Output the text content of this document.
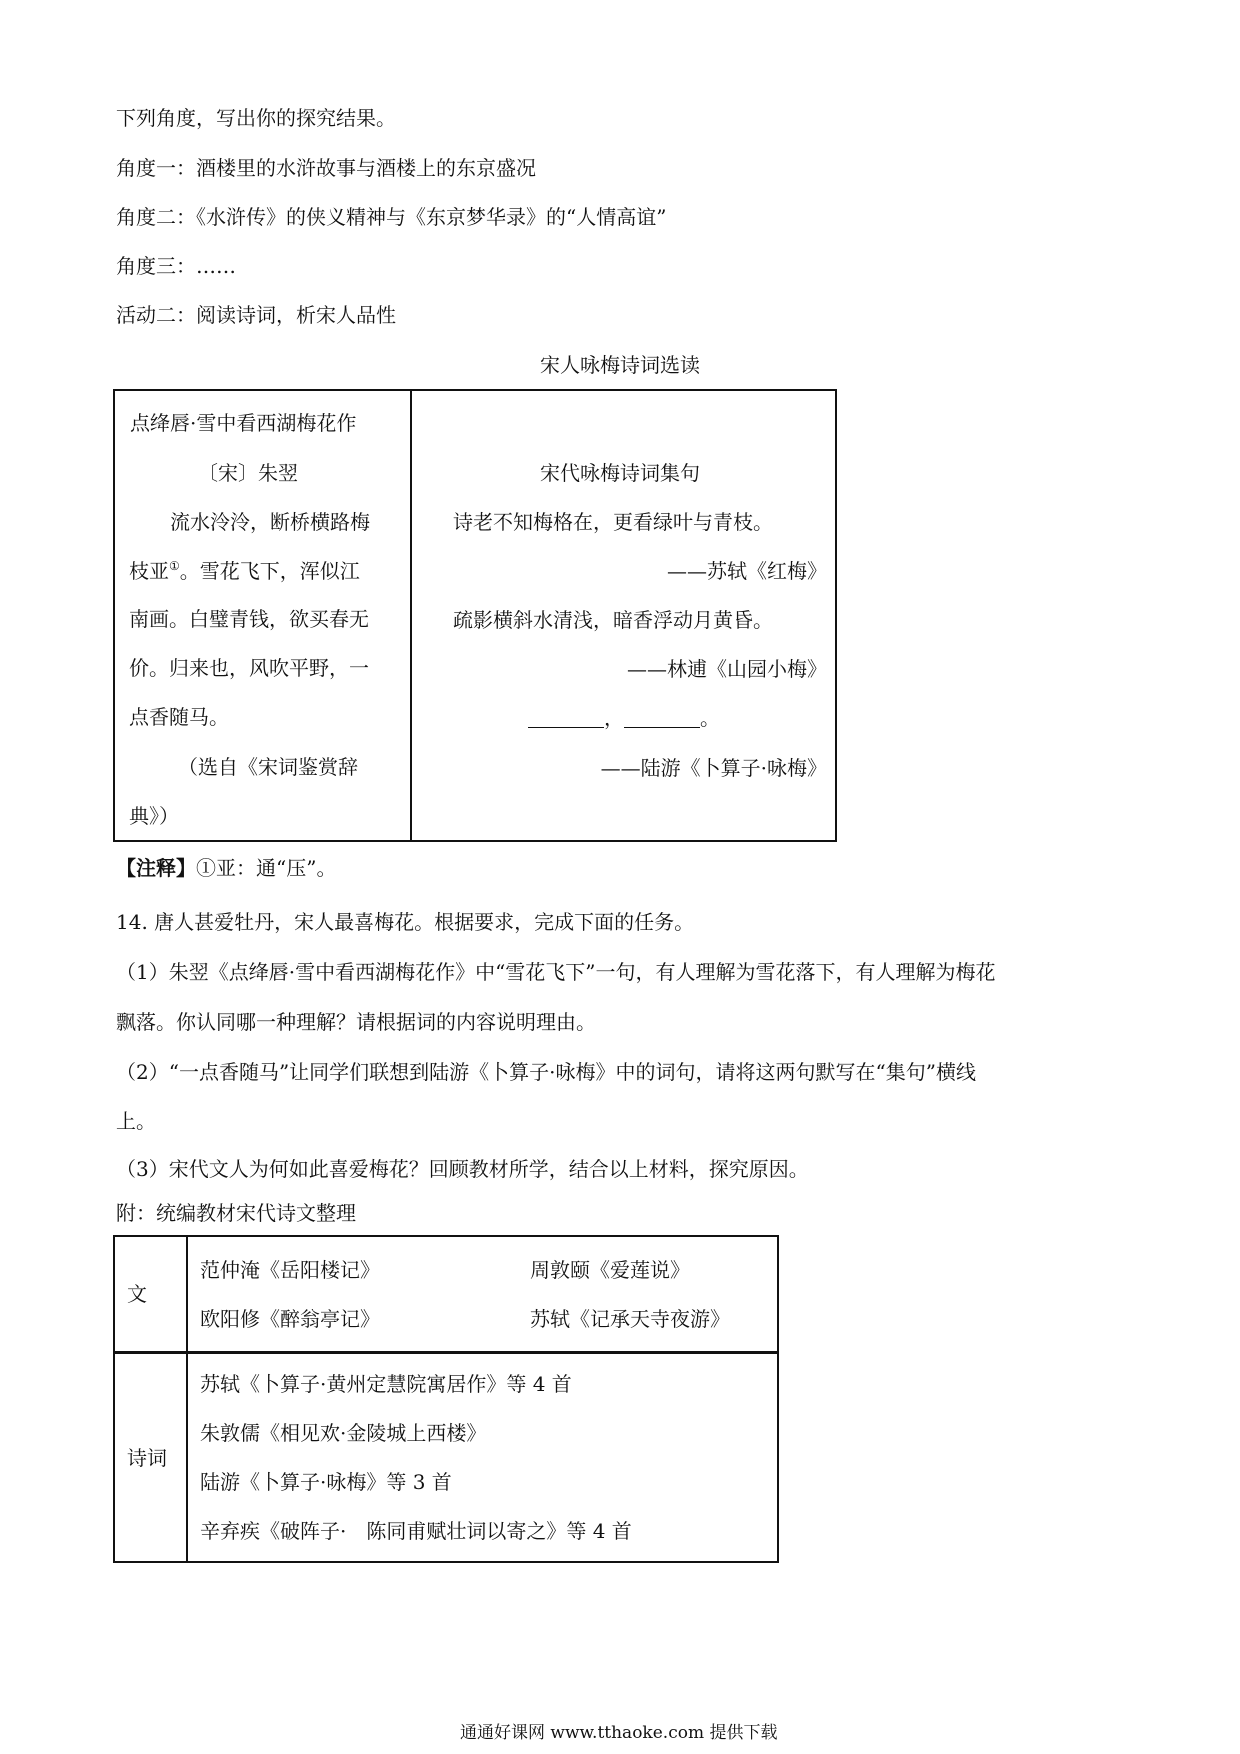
下列角度，写出你的探究结果。
角度一：酒楼里的水浒故事与酒楼上的东京盛况
角度二：《水浒传》的侠义精神与《东京梦华录》的“人情高谊”
角度三：……
活动二：阅读诗词，析宋人品性
宋人咏梅诗词选读
点绛唇·雪中看西湖梅花作
〔宋〕朱翌
流水泠泠，断桥横路梅
枝亚①。雪花飞下，浑似江
南画。白璧青钱，欲买春无
价。归来也，风吹平野，一
点香随马。
（选自《宋词鉴赏辞
典》）
宋代咏梅诗词集句
诗老不知梅格在，更看绿叶与青枝。
——苏轼《红梅》
疏影横斜水清浅，暗香浮动月黄昏。
——林逋《山园小梅》
，	。
——陆游《卜算子·咏梅》
【注释】①亚：通“压”。
14. 唐人甚爱牡丹，宋人最喜梅花。根据要求，完成下面的任务。
（1）朱翌《点绛唇·雪中看西湖梅花作》中“雪花飞下”一句，有人理解为雪花落下，有人理解为梅花
飘落。你认同哪一种理解？请根据词的内容说明理由。
（2）“一点香随马”让同学们联想到陆游《卜算子·咏梅》中的词句，请将这两句默写在“集句”横线
上。
（3）宋代文人为何如此喜爱梅花？回顾教材所学，结合以上材料，探究原因。
附：统编教材宋代诗文整理
文
范仲淹《岳阳楼记》	周敦颐《爱莲说》
欧阳修《醉翁亭记》	苏轼《记承天寺夜游》
诗词
苏轼《卜算子·黄州定慧院寓居作》等 4 首
朱敦儒《相见欢·金陵城上西楼》
陆游《卜算子·咏梅》等 3 首
辛弃疾《破阵子·　陈同甫赋壮词以寄之》等 4 首
通通好课网 www.tthaoke.com 提供下载
